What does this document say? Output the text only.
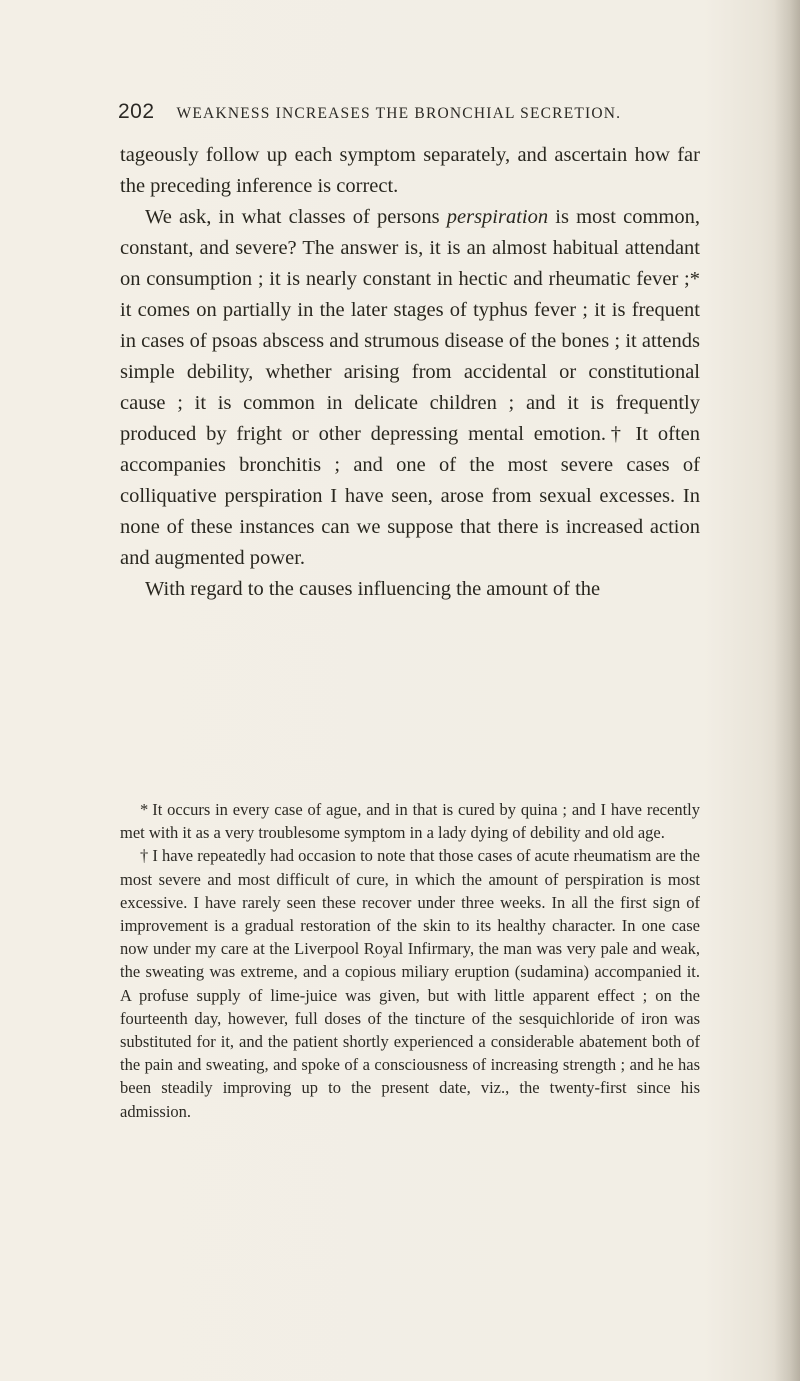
202 WEAKNESS INCREASES THE BRONCHIAL SECRETION.

tageously follow up each symptom separately, and ascertain how far the preceding inference is correct.

We ask, in what classes of persons perspiration is most common, constant, and severe? The answer is, it is an almost habitual attendant on consumption ; it is nearly constant in hectic and rheumatic fever ;* it comes on partially in the later stages of typhus fever ; it is frequent in cases of psoas abscess and strumous disease of the bones ; it attends simple debility, whether arising from accidental or constitutional cause ; it is common in delicate children ; and it is frequently produced by fright or other depressing mental emotion.† It often accompanies bronchitis ; and one of the most severe cases of colliquative perspiration I have seen, arose from sexual excesses. In none of these instances can we suppose that there is increased action and augmented power.

With regard to the causes influencing the amount of the

* It occurs in every case of ague, and in that is cured by quina ; and I have recently met with it as a very troublesome symptom in a lady dying of debility and old age.

† I have repeatedly had occasion to note that those cases of acute rheumatism are the most severe and most difficult of cure, in which the amount of perspiration is most excessive. I have rarely seen these recover under three weeks. In all the first sign of improvement is a gradual restoration of the skin to its healthy character. In one case now under my care at the Liverpool Royal Infirmary, the man was very pale and weak, the sweating was extreme, and a copious miliary eruption (sudamina) accompanied it. A profuse supply of lime-juice was given, but with little apparent effect ; on the fourteenth day, however, full doses of the tincture of the sesquichloride of iron was substituted for it, and the patient shortly experienced a considerable abatement both of the pain and sweating, and spoke of a consciousness of increasing strength ; and he has been steadily improving up to the present date, viz., the twenty-first since his admission.
